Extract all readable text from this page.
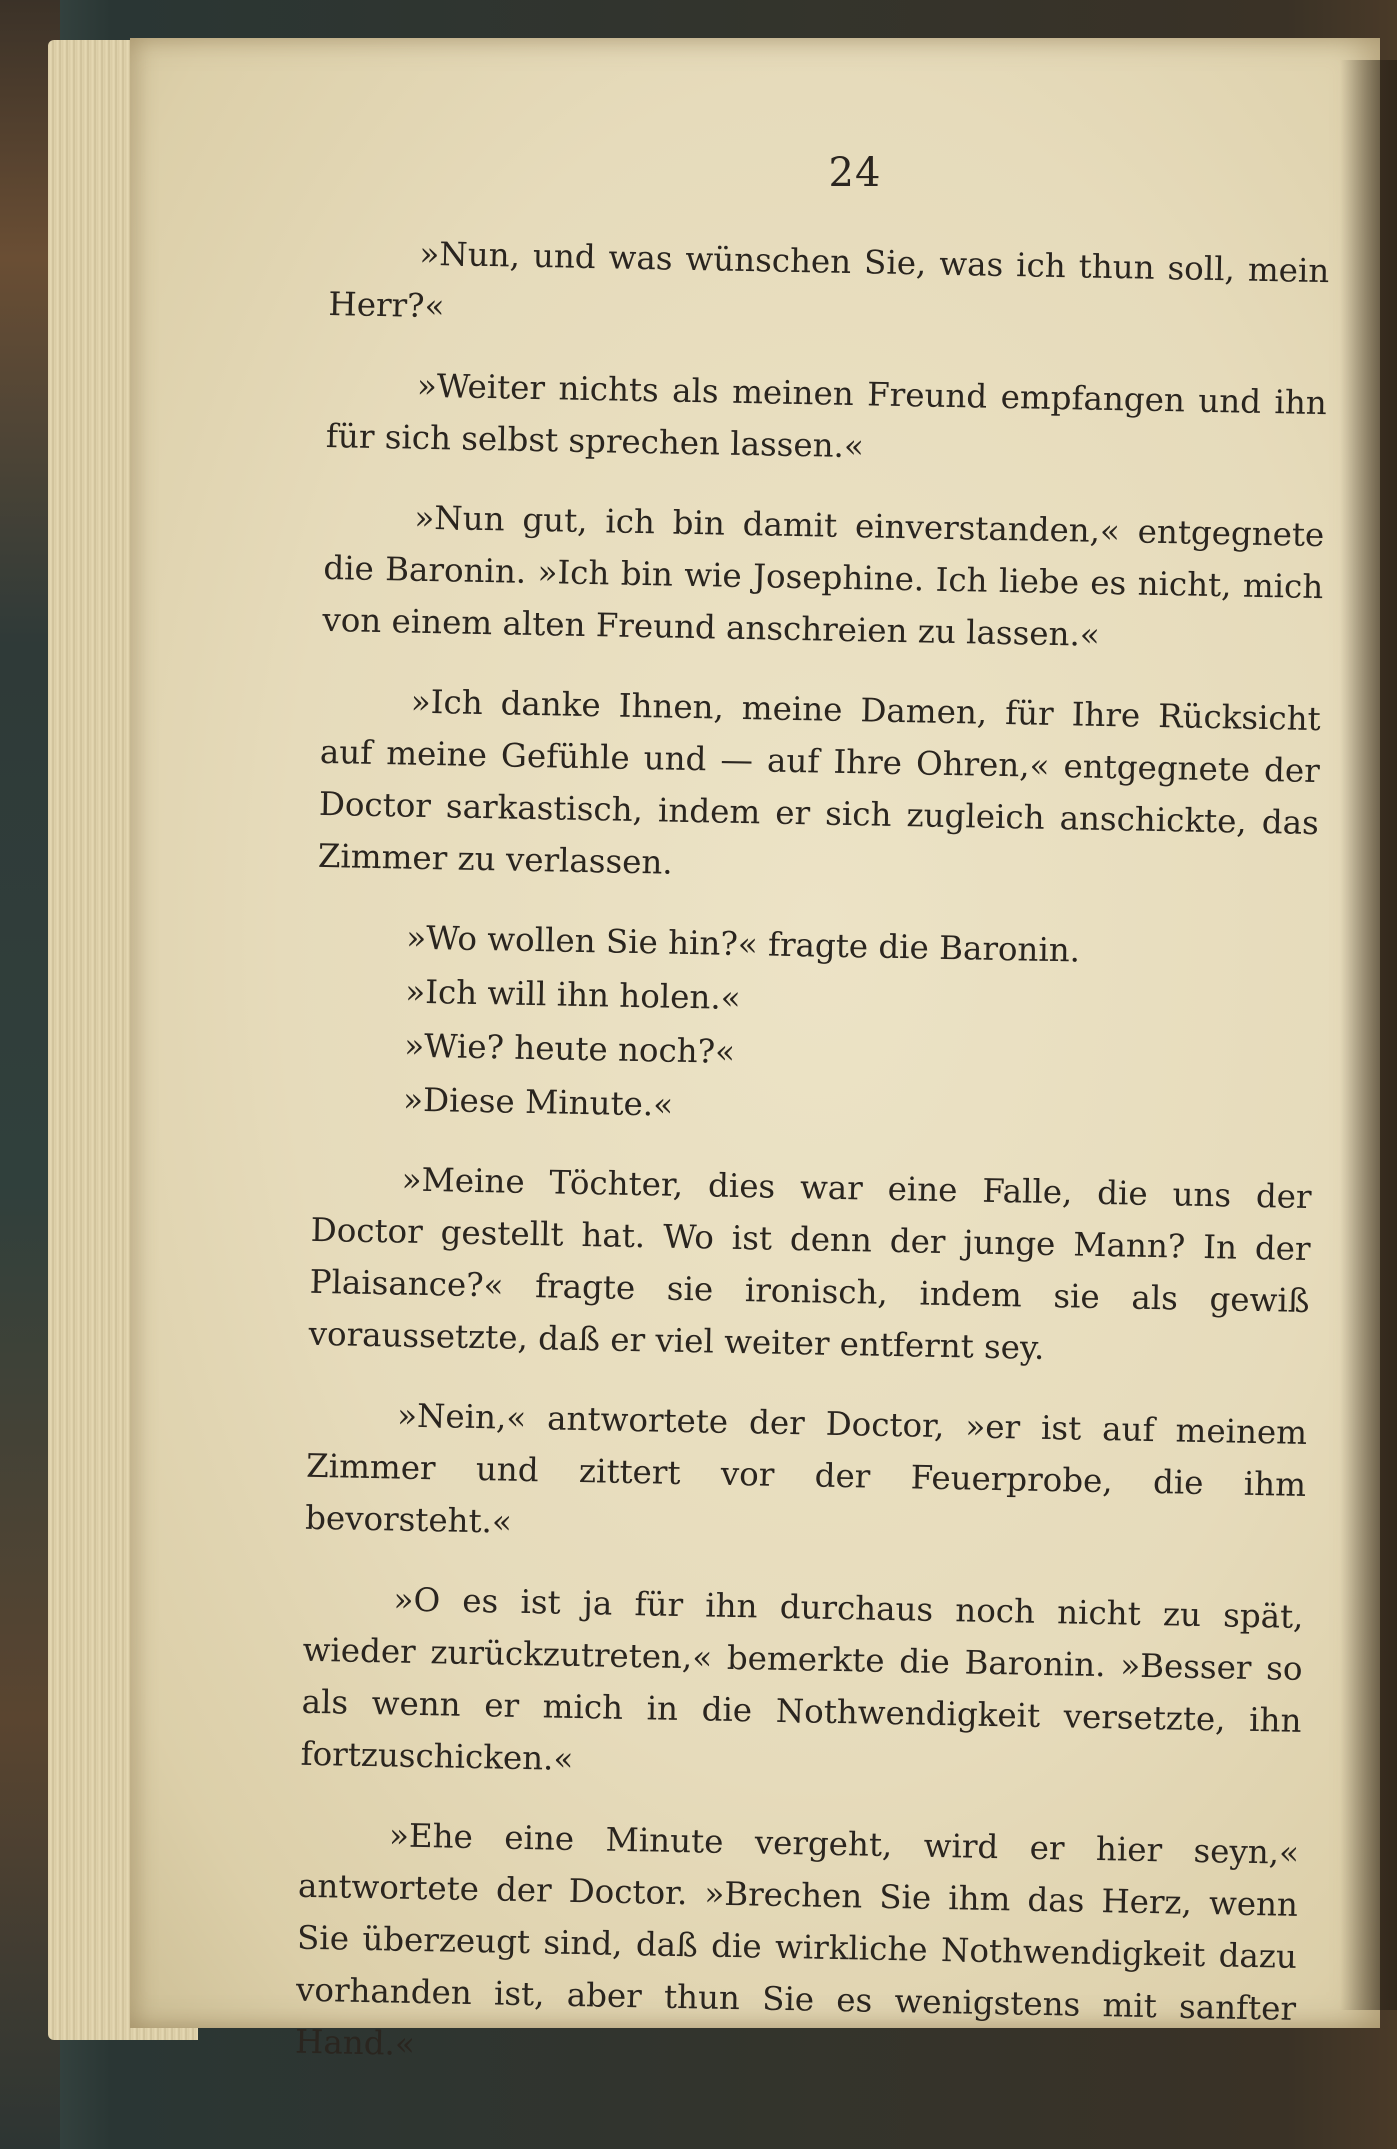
24

»Nun, und was wünschen Sie, was ich thun soll, mein Herr?«

»Weiter nichts als meinen Freund empfangen und ihn für sich selbst sprechen lassen.«

»Nun gut, ich bin damit einverstanden,« entgegnete die Baronin. »Ich bin wie Josephine. Ich liebe es nicht, mich von einem alten Freund anschreien zu lassen.«

»Ich danke Ihnen, meine Damen, für Ihre Rücksicht auf meine Gefühle und — auf Ihre Ohren,« entgegnete der Doctor sarkastisch, indem er sich zugleich anschickte, das Zimmer zu verlassen.

»Wo wollen Sie hin?« fragte die Baronin.

»Ich will ihn holen.«

»Wie? heute noch?«

»Diese Minute.«

»Meine Töchter, dies war eine Falle, die uns der Doctor gestellt hat. Wo ist denn der junge Mann? In der Plaisance?« fragte sie ironisch, indem sie als gewiß voraussetzte, daß er viel weiter entfernt sey.

»Nein,« antwortete der Doctor, »er ist auf meinem Zimmer und zittert vor der Feuerprobe, die ihm bevorsteht.«

»O es ist ja für ihn durchaus noch nicht zu spät, wieder zurückzutreten,« bemerkte die Baronin. »Besser so als wenn er mich in die Nothwendigkeit versetzte, ihn fortzuschicken.«

»Ehe eine Minute vergeht, wird er hier seyn,« antwortete der Doctor. »Brechen Sie ihm das Herz, wenn Sie überzeugt sind, daß die wirkliche Nothwendigkeit dazu vorhanden ist, aber thun Sie es wenigstens mit sanfter Hand.«
